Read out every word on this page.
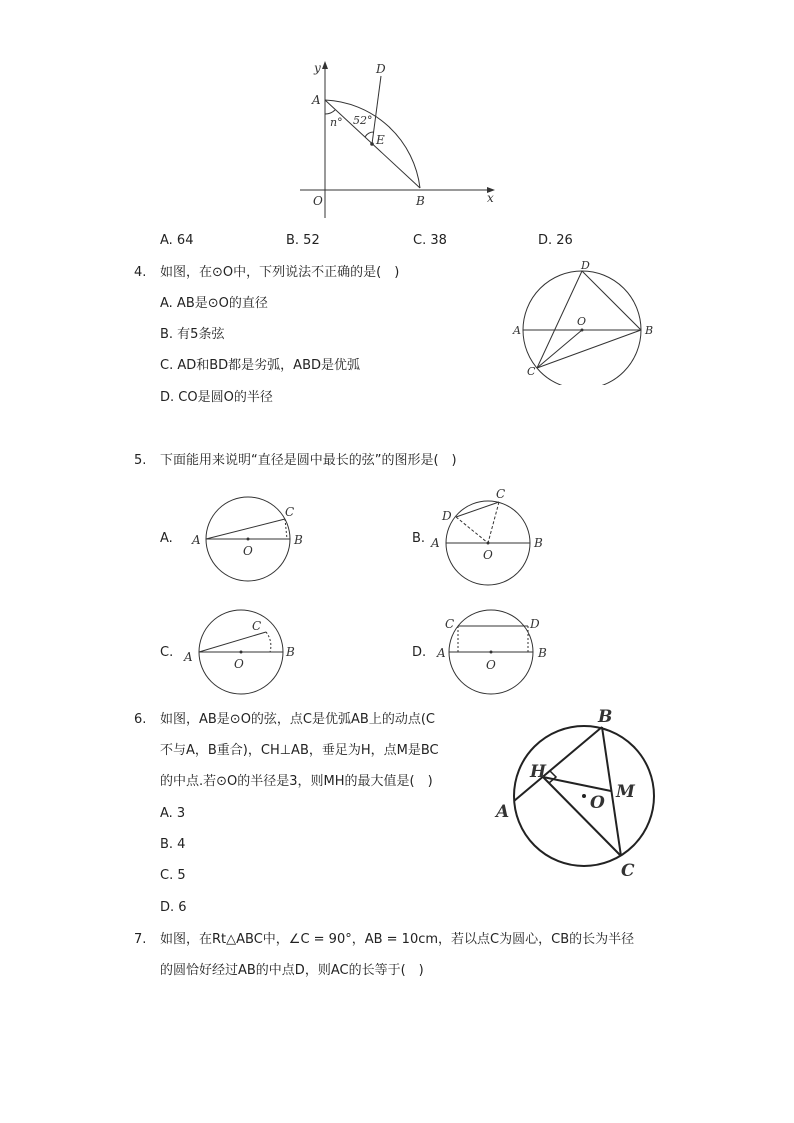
y	D
A
n° 52°
E
O	B	x
A. 64	B. 52	C. 38	D. 26
4. 如图，在⊙O中，下列说法不正确的是(　)
A. AB是⊙O的直径
B. 有5条弦
C. AD和BD都是劣弧，ABD是优弧
D. CO是圆O的半径
D
A
O
B
C
5. 下面能用来说明“直径是圆中最长的弦”的图形是(　)
A. A
C
B
O
B.
C
D
A	B
O
C. A
C
B
O
D.
C	D
A	B
O
6. 如图，AB是⊙O的弦，点C是优弧AB上的动点(C
不与A，B重合)，CH⊥AB，垂足为H，点M是BC
的中点.若⊙O的半径是3，则MH的最大值是(　)
A. 3
B. 4
C. 5
D. 6
B
H
M
O
A
C
7. 如图，在Rt△ABC中，∠C = 90°，AB = 10cm，若以点C为圆心，CB的长为半径
的圆恰好经过AB的中点D，则AC的长等于(　)
